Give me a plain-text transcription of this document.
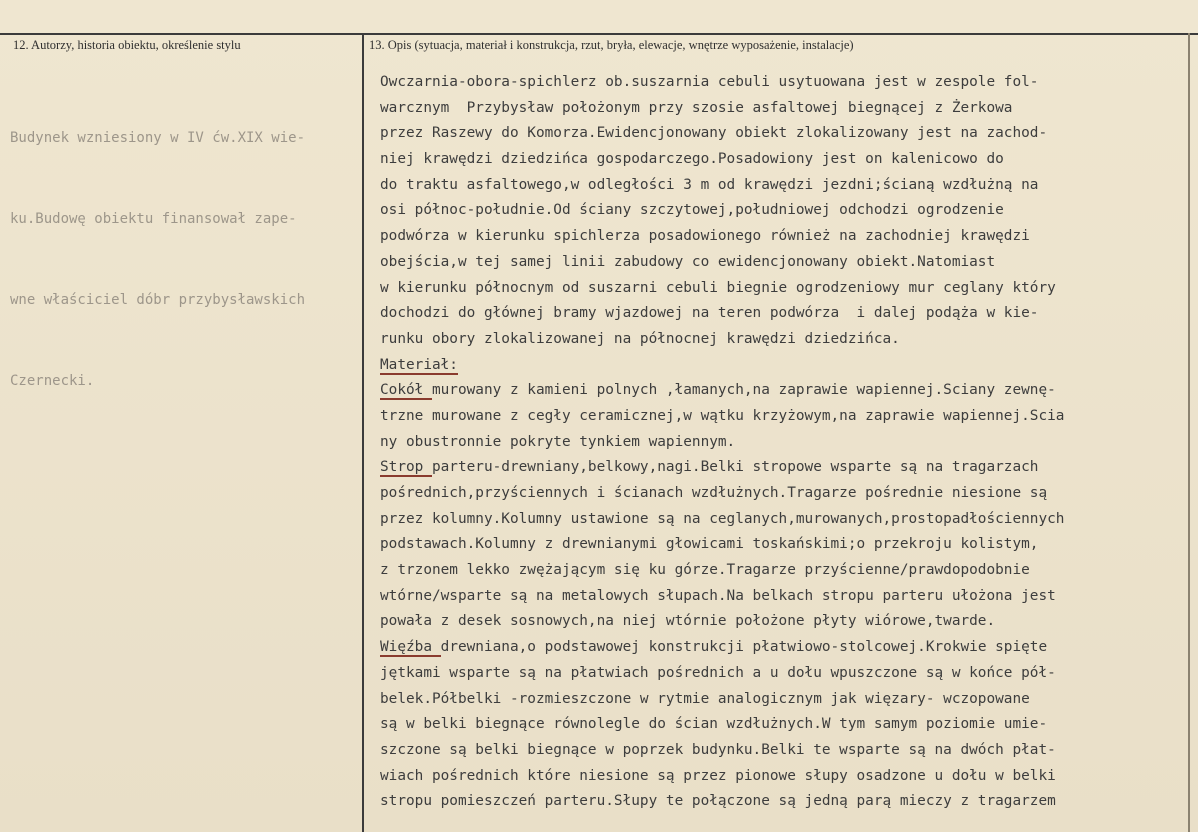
12. Autorzy, historia obiektu, określenie stylu	13. Opis (sytuacja, materiał i konstrukcja, rzut, bryła, elewacje, wnętrze wyposażenie, instalacje)

Budynek wzniesiony w IV ćw.XIX wie-

ku.Budowę obiektu finansował zape-

wne właściciel dóbr przybysławskich

Czernecki.

Owczarnia-obora-spichlerz ob.suszarnia cebuli usytuowana jest w zespole fol-
warcznym  Przybysław położonym przy szosie asfaltowej biegnącej z Żerkowa
przez Raszewy do Komorza.Ewidencjonowany obiekt zlokalizowany jest na zachod-
niej krawędzi dziedzińca gospodarczego.Posadowiony jest on kalenicowo do
do traktu asfaltowego,w odległości 3 m od krawędzi jezdni;ścianą wzdłużną na
osi północ-południe.Od ściany szczytowej,południowej odchodzi ogrodzenie
podwórza w kierunku spichlerza posadowionego również na zachodniej krawędzi
obejścia,w tej samej linii zabudowy co ewidencjonowany obiekt.Natomiast
w kierunku północnym od suszarni cebuli biegnie ogrodzeniowy mur ceglany który
dochodzi do głównej bramy wjazdowej na teren podwórza  i dalej podąża w kie-
runku obory zlokalizowanej na północnej krawędzi dziedzińca.
Materiał:
Cokół murowany z kamieni polnych ,łamanych,na zaprawie wapiennej.Sciany zewnę-
trzne murowane z cegły ceramicznej,w wątku krzyżowym,na zaprawie wapiennej.Scia
ny obustronnie pokryte tynkiem wapiennym.
Strop parteru-drewniany,belkowy,nagi.Belki stropowe wsparte są na tragarzach
pośrednich,przyściennych i ścianach wzdłużnych.Tragarze pośrednie niesione są
przez kolumny.Kolumny ustawione są na ceglanych,murowanych,prostopadłościennych
podstawach.Kolumny z drewnianymi głowicami toskańskimi;o przekroju kolistym,
z trzonem lekko zwężającym się ku górze.Tragarze przyścienne/prawdopodobnie
wtórne/wsparte są na metalowych słupach.Na belkach stropu parteru ułożona jest
powała z desek sosnowych,na niej wtórnie położone płyty wiórowe,twarde.
Więźba drewniana,o podstawowej konstrukcji płatwiowo-stolcowej.Krokwie spięte
jętkami wsparte są na płatwiach pośrednich a u dołu wpuszczone są w końce pół-
belek.Półbelki -rozmieszczone w rytmie analogicznym jak więzary- wczopowane
są w belki biegnące równolegle do ścian wzdłużnych.W tym samym poziomie umie-
szczone są belki biegnące w poprzek budynku.Belki te wsparte są na dwóch płat-
wiach pośrednich które niesione są przez pionowe słupy osadzone u dołu w belki
stropu pomieszczeń parteru.Słupy te połączone są jedną parą mieczy z tragarzem
